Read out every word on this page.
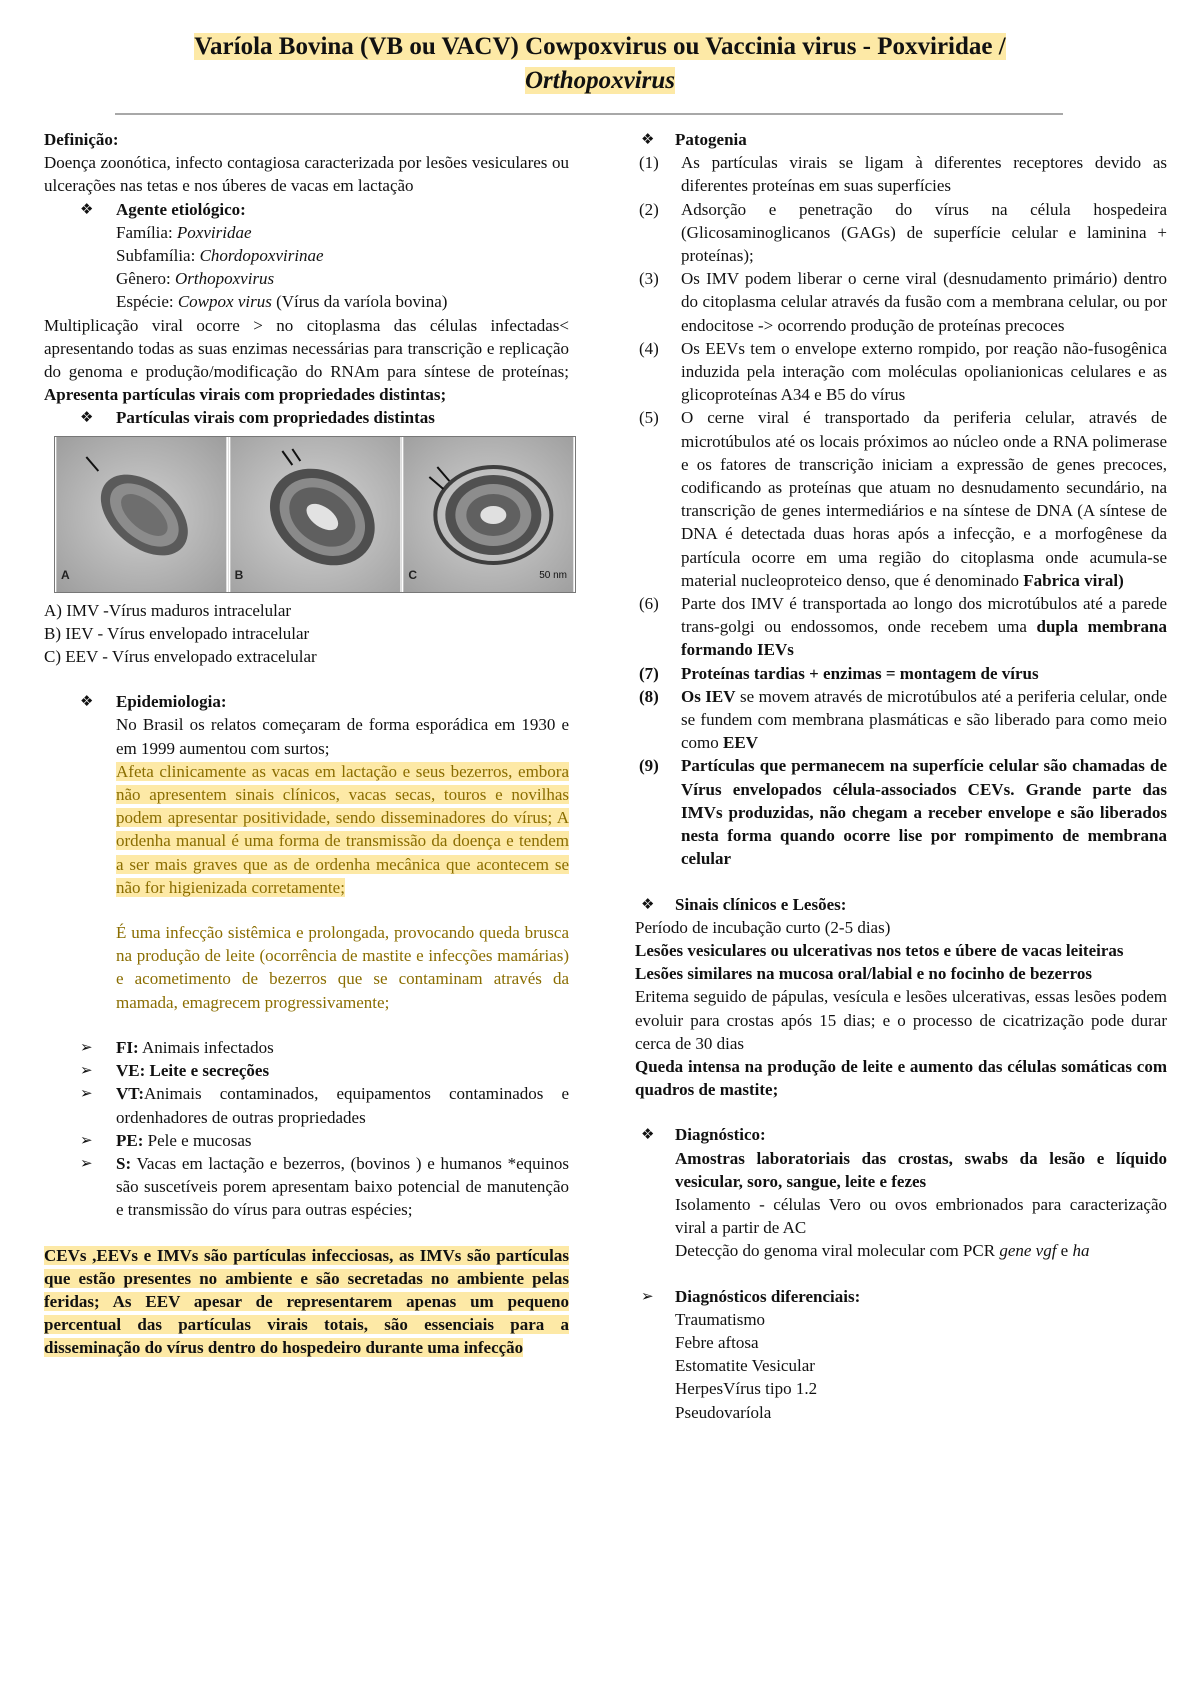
Varíola Bovina (VB ou VACV) Cowpoxvirus ou Vaccinia virus - Poxviridae /
Orthopoxvirus

Definição:

Doença zoonótica, infecto contagiosa caracterizada por lesões vesiculares ou ulcerações nas tetas e nos úberes de vacas em lactação

❖ Agente etiológico:

Família: Poxviridae

Subfamília: Chordopoxvirinae

Gênero: Orthopoxvirus

Espécie: Cowpox virus (Vírus da varíola bovina)

Multiplicação viral ocorre > no citoplasma das células infectadas< apresentando todas as suas enzimas necessárias para transcrição e replicação do genoma e produção/modificação do RNAm para síntese de proteínas; Apresenta partículas virais com propriedades distintas;

❖ Partículas virais com propriedades distintas

A	B	C	50 nm

A) IMV -Vírus maduros intracelular

B) IEV - Vírus envelopado intracelular

C) EEV - Vírus envelopado extracelular

❖ Epidemiologia:

No Brasil os relatos começaram de forma esporádica em 1930 e em 1999 aumentou com surtos;

Afeta clinicamente as vacas em lactação e seus bezerros, embora não apresentem sinais clínicos, vacas secas, touros e novilhas podem apresentar positividade, sendo disseminadores do vírus; A ordenha manual é uma forma de transmissão da doença e tendem a ser mais graves que as de ordenha mecânica que acontecem se não for higienizada corretamente;

É uma infecção sistêmica e prolongada, provocando queda brusca na produção de leite (ocorrência de mastite e infecções mamárias) e acometimento de bezerros que se contaminam através da mamada, emagrecem progressivamente;

➢ FI: Animais infectados

➢ VE: Leite e secreções

➢ VT:Animais contaminados, equipamentos contaminados e ordenhadores de outras propriedades

➢ PE: Pele e mucosas

➢ S: Vacas em lactação e bezerros, (bovinos ) e humanos *equinos são suscetíveis porem apresentam baixo potencial de manutenção e transmissão do vírus para outras espécies;

CEVs ,EEVs e IMVs são partículas infecciosas, as IMVs são partículas que estão presentes no ambiente e são secretadas no ambiente pelas feridas; As EEV apesar de representarem apenas um pequeno percentual das partículas virais totais, são essenciais para a disseminação do vírus dentro do hospedeiro durante uma infecção

❖ Patogenia

(1) As partículas virais se ligam à diferentes receptores devido as diferentes proteínas em suas superfícies

(2) Adsorção e penetração do vírus na célula hospedeira (Glicosaminoglicanos (GAGs) de superfície celular e laminina + proteínas);

(3) Os IMV podem liberar o cerne viral (desnudamento primário) dentro do citoplasma celular através da fusão com a membrana celular, ou por endocitose -> ocorrendo produção de proteínas precoces

(4) Os EEVs tem o envelope externo rompido, por reação não-fusogênica induzida pela interação com moléculas opolianionicas celulares e as glicoproteínas A34 e B5 do vírus

(5) O cerne viral é transportado da periferia celular, através de microtúbulos até os locais próximos ao núcleo onde a RNA polimerase e os fatores de transcrição iniciam a expressão de genes precoces, codificando as proteínas que atuam no desnudamento secundário, na transcrição de genes intermediários e na síntese de DNA (A síntese de DNA é detectada duas horas após a infecção, e a morfogênese da partícula ocorre em uma região do citoplasma onde acumula-se material nucleoproteico denso, que é denominado Fabrica viral)

(6) Parte dos IMV é transportada ao longo dos microtúbulos até a parede trans-golgi ou endossomos, onde recebem uma dupla membrana formando IEVs

(7) Proteínas tardias + enzimas = montagem de vírus

(8) Os IEV se movem através de microtúbulos até a periferia celular, onde se fundem com membrana plasmáticas e são liberado para como meio como EEV

(9) Partículas que permanecem na superfície celular são chamadas de Vírus envelopados célula-associados CEVs. Grande parte das IMVs produzidas, não chegam a receber envelope e são liberados nesta forma quando ocorre lise por rompimento de membrana celular

❖ Sinais clínicos e Lesões:

Período de incubação curto (2-5 dias)

Lesões vesiculares ou ulcerativas nos tetos e úbere de vacas leiteiras

Lesões similares na mucosa oral/labial e no focinho de bezerros

Eritema seguido de pápulas, vesícula e lesões ulcerativas, essas lesões podem evoluir para crostas após 15 dias; e o processo de cicatrização pode durar cerca de 30 dias

Queda intensa na produção de leite e aumento das células somáticas com quadros de mastite;

❖ Diagnóstico:

Amostras laboratoriais das crostas, swabs da lesão e líquido vesicular, soro, sangue, leite e fezes

Isolamento - células Vero ou ovos embrionados para caracterização viral a partir de AC

Detecção do genoma viral molecular com PCR gene vgf e ha

➢ Diagnósticos diferenciais:

Traumatismo

Febre aftosa

Estomatite Vesicular

HerpesVírus tipo 1.2

Pseudovaríola
